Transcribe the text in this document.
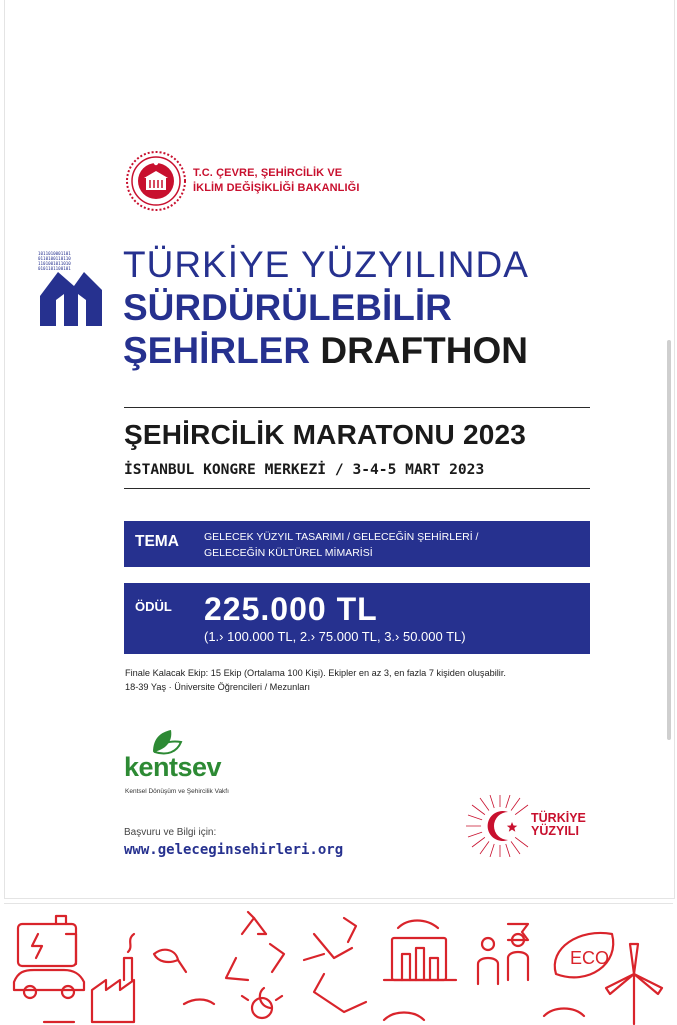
T.C. ÇEVRE, ŞEHİRCİLİK VE
İKLİM DEĞİŞİKLİĞİ BAKANLIĞI
1011010001101
0110100110110
1101001011010
0101101100101 TÜRKİYE YÜZYILINDA
SÜRDÜRÜLEBİLİR
ŞEHİRLER DRAFTHON
ŞEHİRCİLİK MARATONU 2023
İSTANBUL KONGRE MERKEZİ / 3-4-5 MART 2023
TEMA GELECEK YÜZYIL TASARIMI / GELECEĞİN ŞEHİRLERİ /
GELECEĞİN KÜLTÜREL MİMARİSİ
ÖDÜL 225.000 TL
(1.› 100.000 TL, 2.› 75.000 TL, 3.› 50.000 TL)
Finale Kalacak Ekip: 15 Ekip (Ortalama 100 Kişi). Ekipler en az 3, en fazla 7 kişiden oluşabilir.
18-39 Yaş · Üniversite Öğrencileri / Mezunları
kentsev
Kentsel Dönüşüm ve Şehircilik Vakfı
Başvuru ve Bilgi için:
www.geleceginsehirleri.org
TÜRKİYE
YÜZYILI
ECO
